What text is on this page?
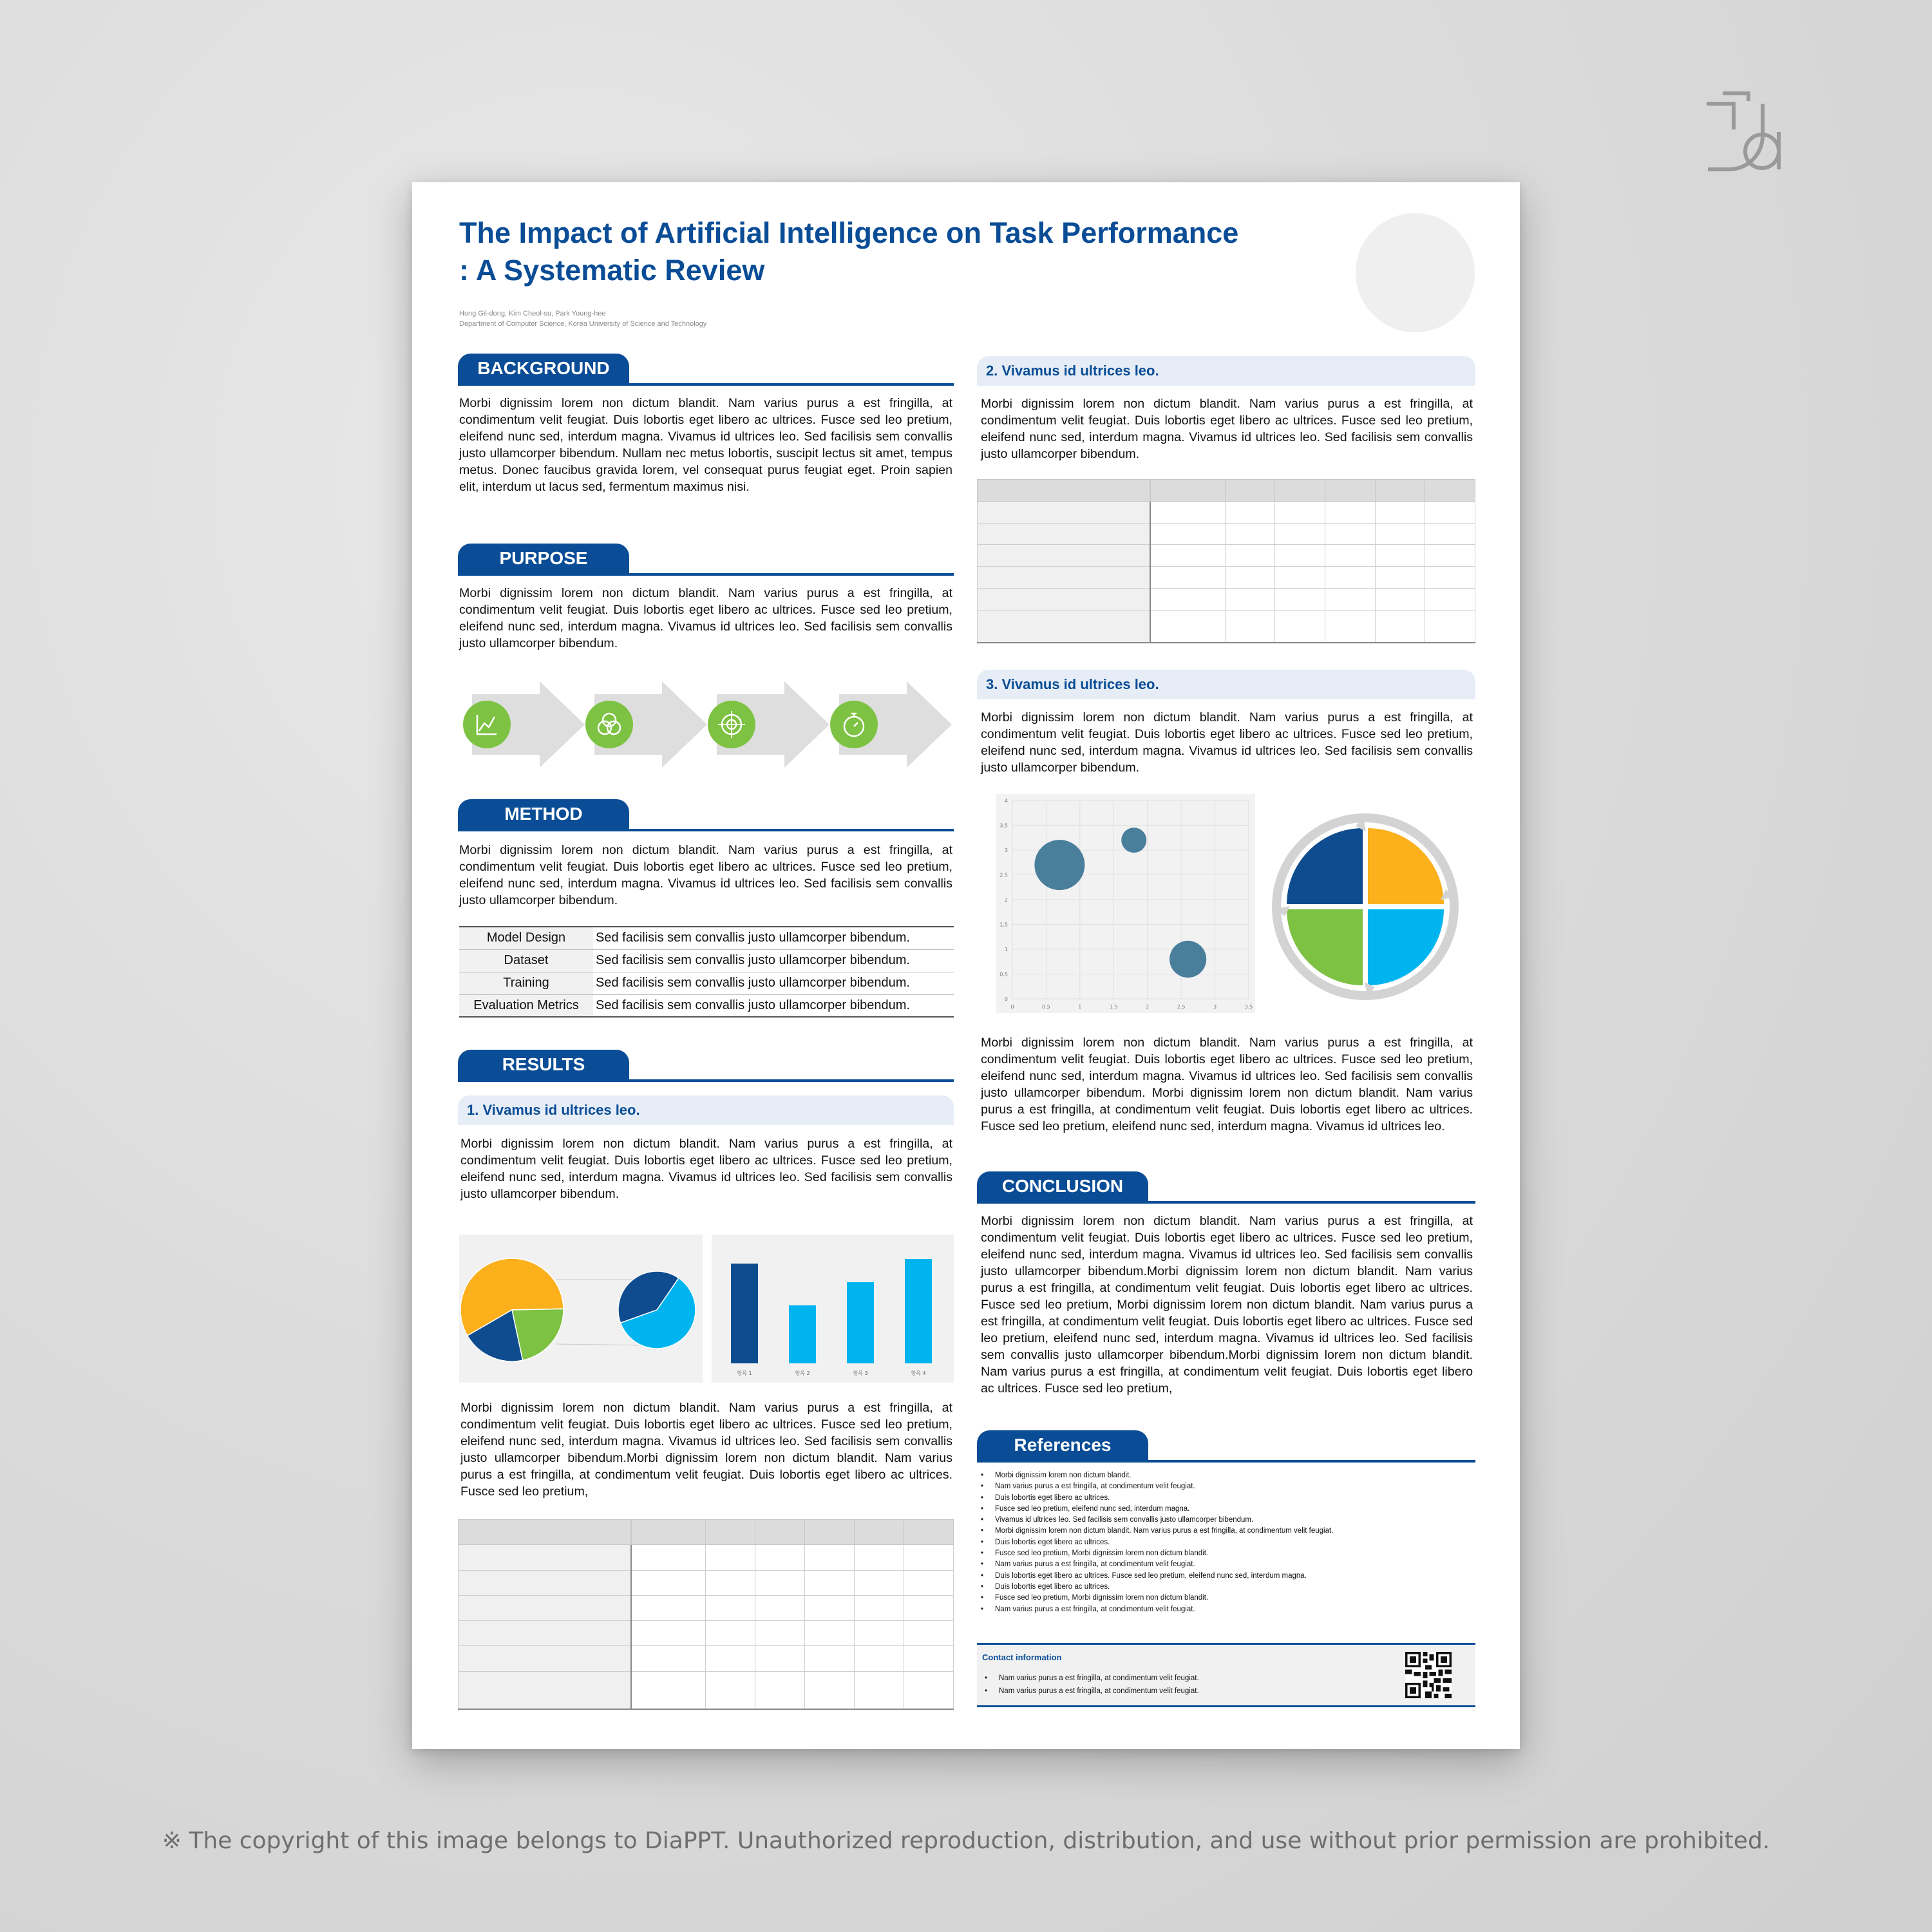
The Impact of Artificial Intelligence on Task Performance
: A Systematic Review
Hong Gil-dong, Kim Cheol-su, Park Young-hee
Department of Computer Science, Korea University of Science and Technology
BACKGROUND
Morbi dignissim lorem non dictum blandit. Nam varius purus a est fringilla, at condimentum velit feugiat. Duis lobortis eget libero ac ultrices. Fusce sed leo pretium, eleifend nunc sed, interdum magna. Vivamus id ultrices leo. Sed facilisis sem convallis justo ullamcorper bibendum. Nullam nec metus lobortis, suscipit lectus sit amet, tempus metus. Donec faucibus gravida lorem, vel consequat purus feugiat eget. Proin sapien elit, interdum ut lacus sed, fermentum maximus nisi.
PURPOSE
Morbi dignissim lorem non dictum blandit. Nam varius purus a est fringilla, at condimentum velit feugiat. Duis lobortis eget libero ac ultrices. Fusce sed leo pretium, eleifend nunc sed, interdum magna. Vivamus id ultrices leo. Sed facilisis sem convallis justo ullamcorper bibendum.
METHOD
Morbi dignissim lorem non dictum blandit. Nam varius purus a est fringilla, at condimentum velit feugiat. Duis lobortis eget libero ac ultrices. Fusce sed leo pretium, eleifend nunc sed, interdum magna. Vivamus id ultrices leo. Sed facilisis sem convallis justo ullamcorper bibendum.
Model Design	Sed facilisis sem convallis justo ullamcorper bibendum.
Dataset	Sed facilisis sem convallis justo ullamcorper bibendum.
Training	Sed facilisis sem convallis justo ullamcorper bibendum.
Evaluation Metrics	Sed facilisis sem convallis justo ullamcorper bibendum.
RESULTS
1. Vivamus id ultrices leo.
Morbi dignissim lorem non dictum blandit. Nam varius purus a est fringilla, at condimentum velit feugiat. Duis lobortis eget libero ac ultrices. Fusce sed leo pretium, eleifend nunc sed, interdum magna. Vivamus id ultrices leo. Sed facilisis sem convallis justo ullamcorper bibendum.
항목 1	항목 2	항목 3	항목 4
Morbi dignissim lorem non dictum blandit. Nam varius purus a est fringilla, at condimentum velit feugiat. Duis lobortis eget libero ac ultrices. Fusce sed leo pretium, eleifend nunc sed, interdum magna. Vivamus id ultrices leo. Sed facilisis sem convallis justo ullamcorper bibendum.Morbi dignissim lorem non dictum blandit. Nam varius purus a est fringilla, at condimentum velit feugiat. Duis lobortis eget libero ac ultrices. Fusce sed leo pretium,

2. Vivamus id ultrices leo.
Morbi dignissim lorem non dictum blandit. Nam varius purus a est fringilla, at condimentum velit feugiat. Duis lobortis eget libero ac ultrices. Fusce sed leo pretium, eleifend nunc sed, interdum magna. Vivamus id ultrices leo. Sed facilisis sem convallis justo ullamcorper bibendum.

3. Vivamus id ultrices leo.
Morbi dignissim lorem non dictum blandit. Nam varius purus a est fringilla, at condimentum velit feugiat. Duis lobortis eget libero ac ultrices. Fusce sed leo pretium, eleifend nunc sed, interdum magna. Vivamus id ultrices leo. Sed facilisis sem convallis justo ullamcorper bibendum.
0	0.5	1	1.5	2	2.5	3	3.5
0
0.5
1
1.5
2
2.5
3
3.5
4
Morbi dignissim lorem non dictum blandit. Nam varius purus a est fringilla, at condimentum velit feugiat. Duis lobortis eget libero ac ultrices. Fusce sed leo pretium, eleifend nunc sed, interdum magna. Vivamus id ultrices leo. Sed facilisis sem convallis justo ullamcorper bibendum. Morbi dignissim lorem non dictum blandit. Nam varius purus a est fringilla, at condimentum velit feugiat. Duis lobortis eget libero ac ultrices. Fusce sed leo pretium, eleifend nunc sed, interdum magna. Vivamus id ultrices leo.
CONCLUSION
Morbi dignissim lorem non dictum blandit. Nam varius purus a est fringilla, at condimentum velit feugiat. Duis lobortis eget libero ac ultrices. Fusce sed leo pretium, eleifend nunc sed, interdum magna. Vivamus id ultrices leo. Sed facilisis sem convallis justo ullamcorper bibendum.Morbi dignissim lorem non dictum blandit. Nam varius purus a est fringilla, at condimentum velit feugiat. Duis lobortis eget libero ac ultrices. Fusce sed leo pretium, Morbi dignissim lorem non dictum blandit. Nam varius purus a est fringilla, at condimentum velit feugiat. Duis lobortis eget libero ac ultrices. Fusce sed leo pretium, eleifend nunc sed, interdum magna. Vivamus id ultrices leo. Sed facilisis sem convallis justo ullamcorper bibendum.Morbi dignissim lorem non dictum blandit. Nam varius purus a est fringilla, at condimentum velit feugiat. Duis lobortis eget libero ac ultrices. Fusce sed leo pretium,
References
• Morbi dignissim lorem non dictum blandit.
• Nam varius purus a est fringilla, at condimentum velit feugiat.
• Duis lobortis eget libero ac ultrices.
• Fusce sed leo pretium, eleifend nunc sed, interdum magna.
• Vivamus id ultrices leo. Sed facilisis sem convallis justo ullamcorper bibendum.
• Morbi dignissim lorem non dictum blandit. Nam varius purus a est fringilla, at condimentum velit feugiat.
• Duis lobortis eget libero ac ultrices.
• Fusce sed leo pretium, Morbi dignissim lorem non dictum blandit.
• Nam varius purus a est fringilla, at condimentum velit feugiat.
• Duis lobortis eget libero ac ultrices. Fusce sed leo pretium, eleifend nunc sed, interdum magna.
• Duis lobortis eget libero ac ultrices.
• Fusce sed leo pretium, Morbi dignissim lorem non dictum blandit.
• Nam varius purus a est fringilla, at condimentum velit feugiat.
Contact information
• Nam varius purus a est fringilla, at condimentum velit feugiat.
• Nam varius purus a est fringilla, at condimentum velit feugiat.
※ The copyright of this image belongs to DiaPPT. Unauthorized reproduction, distribution, and use without prior permission are prohibited.
